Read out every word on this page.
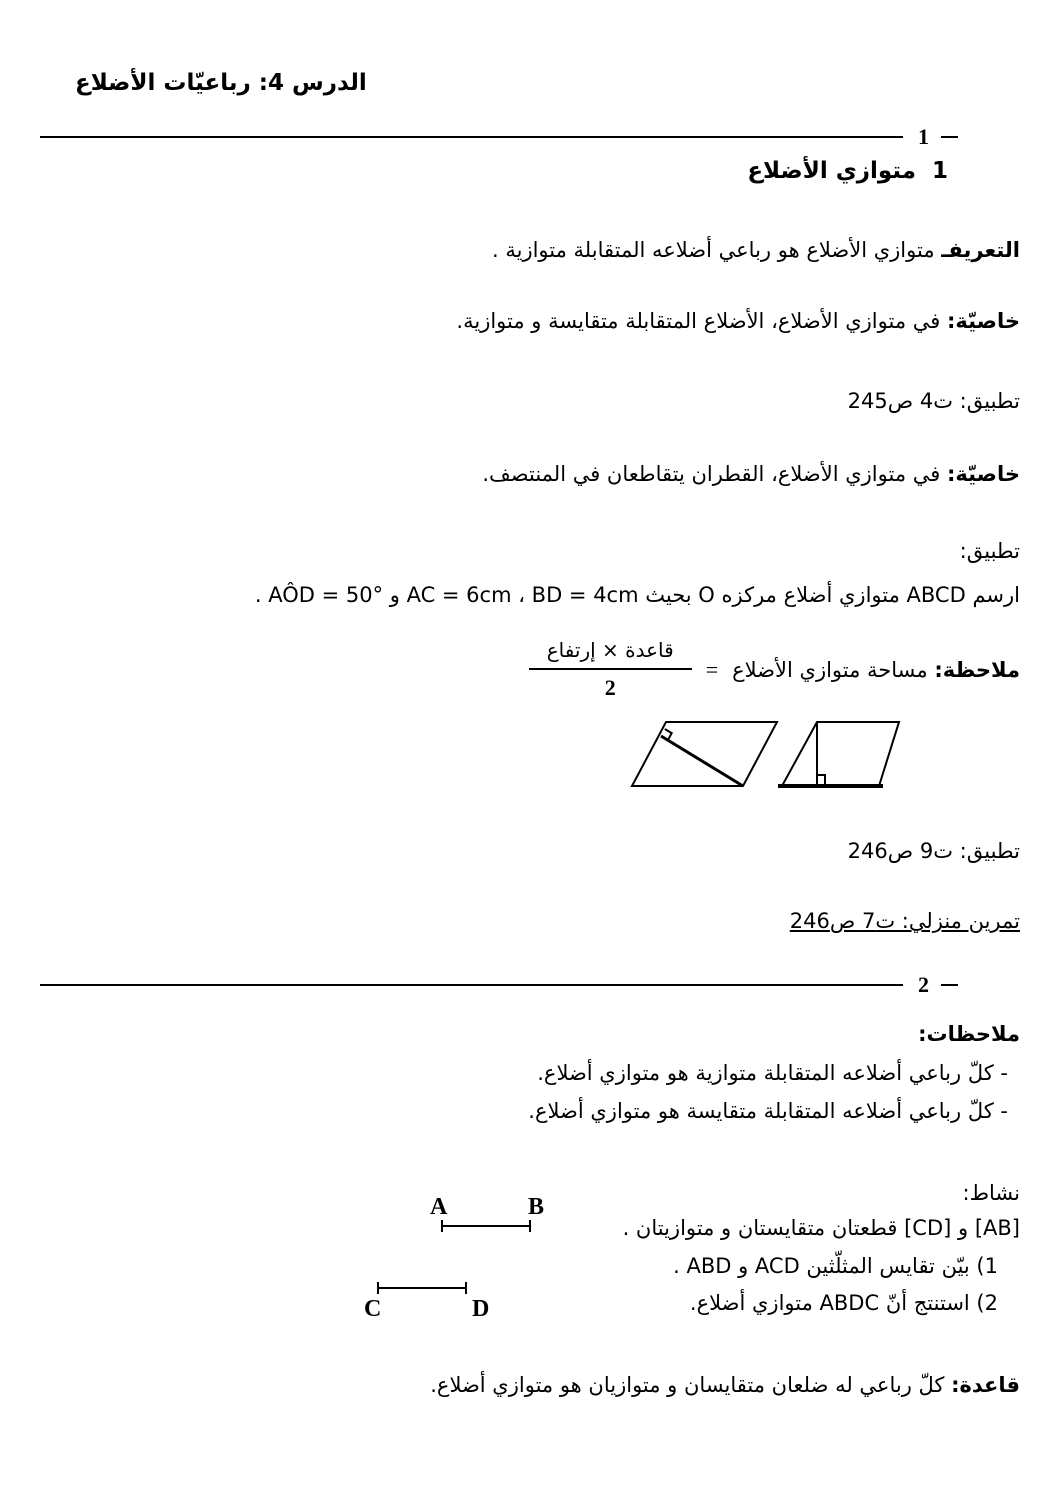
الدرس 4: رباعيّات الأضلاع
1
1
متوازي الأضلاع
التعريفـ متوازي الأضلاع هو رباعي أضلاعه المتقابلة متوازية .
خاصيّة: في متوازي الأضلاع، الأضلاع المتقابلة متقايسة و متوازية.
تطبيق: ت4 ص245
خاصيّة: في متوازي الأضلاع، القطران يتقاطعان في المنتصف.
تطبيق:
ارسم ABCD متوازي أضلاع مركزه O بحيث AC = 6cm ، BD = 4cm و AÔD = 50°‎ .
ملاحظة: مساحة متوازي الأضلاع
=
$\frac{\text{قاعدة × إرتفاع}}{2}$
تطبيق: ت9 ص246
تمرين منزلي: ت7 ص246
2
ملاحظات:
- كلّ رباعي أضلاعه المتقابلة متوازية هو متوازي أضلاع.
- كلّ رباعي أضلاعه المتقابلة متقايسة هو متوازي أضلاع.
نشاط:
‎[AB]‎ و ‎[CD]‎ قطعتان متقايستان و متوازيتان .
1) بيّن تقايس المثلّثين ACD و ABD .
2) استنتج أنّ ABDC متوازي أضلاع.
A	B
C	D
قاعدة: كلّ رباعي له ضلعان متقايسان و متوازيان هو متوازي أضلاع.
